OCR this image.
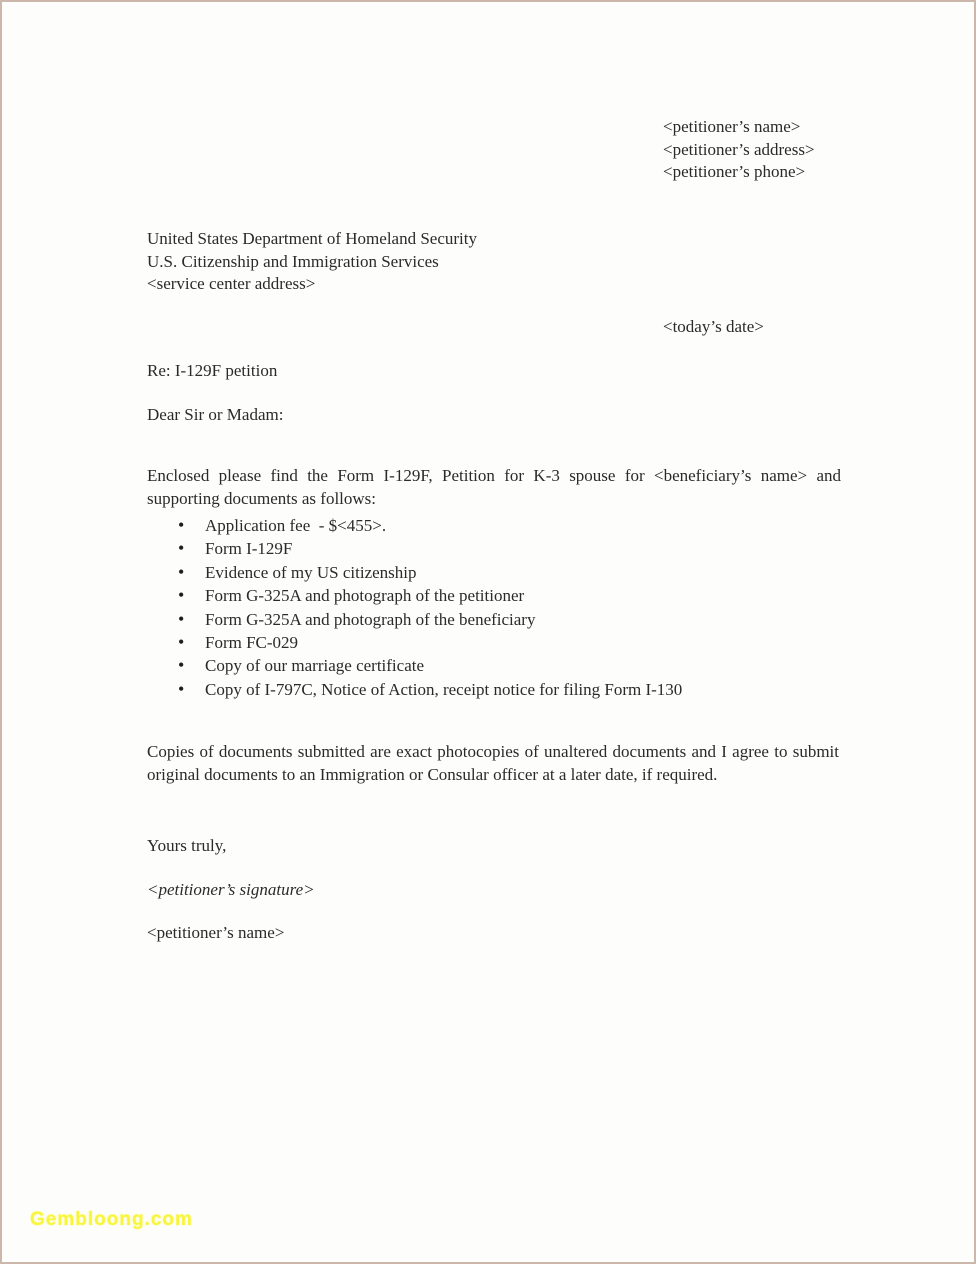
<petitioner’s name>
<petitioner’s address>
<petitioner’s phone>
United States Department of Homeland Security
U.S. Citizenship and Immigration Services
<service center address>
<today’s date>
Re: I-129F petition
Dear Sir or Madam:

Enclosed please find the Form I-129F, Petition for K-3 spouse for <beneficiary’s name> and supporting documents as follows:

• Application fee  - $<455>.
• Form I-129F
• Evidence of my US citizenship
• Form G-325A and photograph of the petitioner
• Form G-325A and photograph of the beneficiary
• Form FC-029
• Copy of our marriage certificate
• Copy of I-797C, Notice of Action, receipt notice for filing Form I-130

Copies of documents submitted are exact photocopies of unaltered documents and I agree to submit original documents to an Immigration or Consular officer at a later date, if required.

Yours truly,
<petitioner’s signature>
<petitioner’s name>
Gembloong.com
